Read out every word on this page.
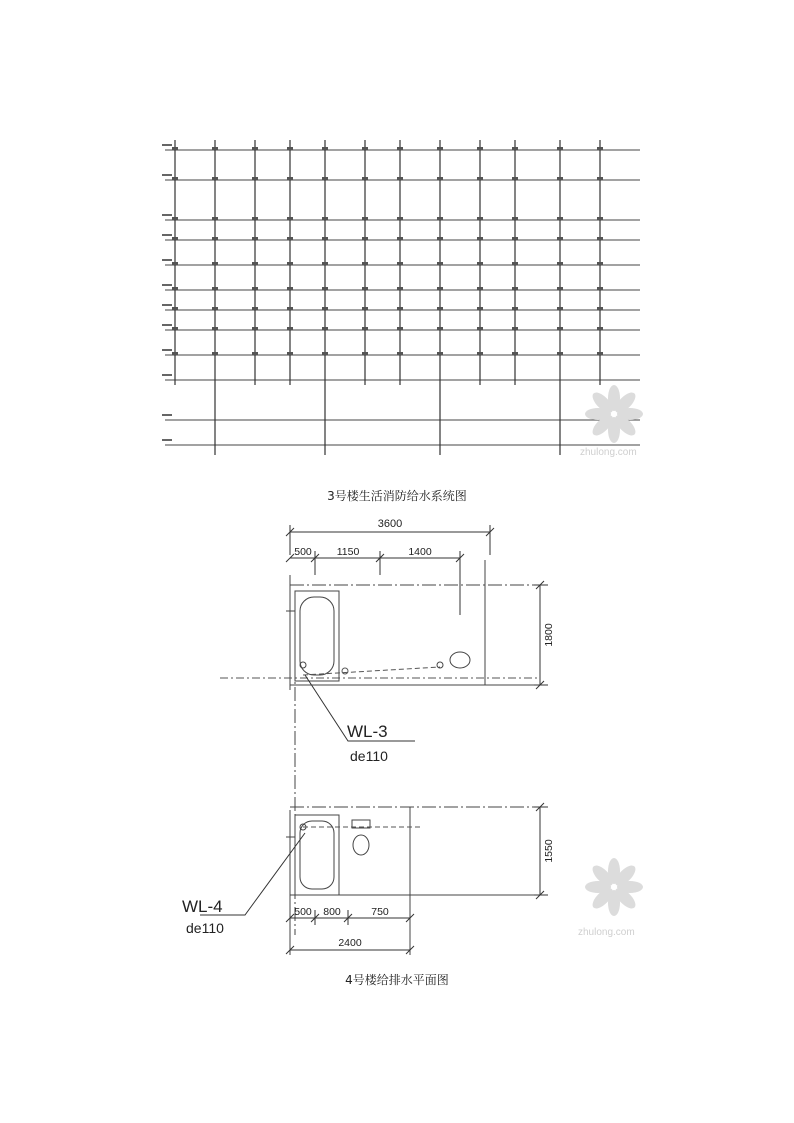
3号楼生活消防给水系统图
zhulong.com
3600
500 1150	1400
1800
WL-3
de110
1550
500 800	750
2400
WL-4
de110
4号楼给排水平面图
zhulong.com
